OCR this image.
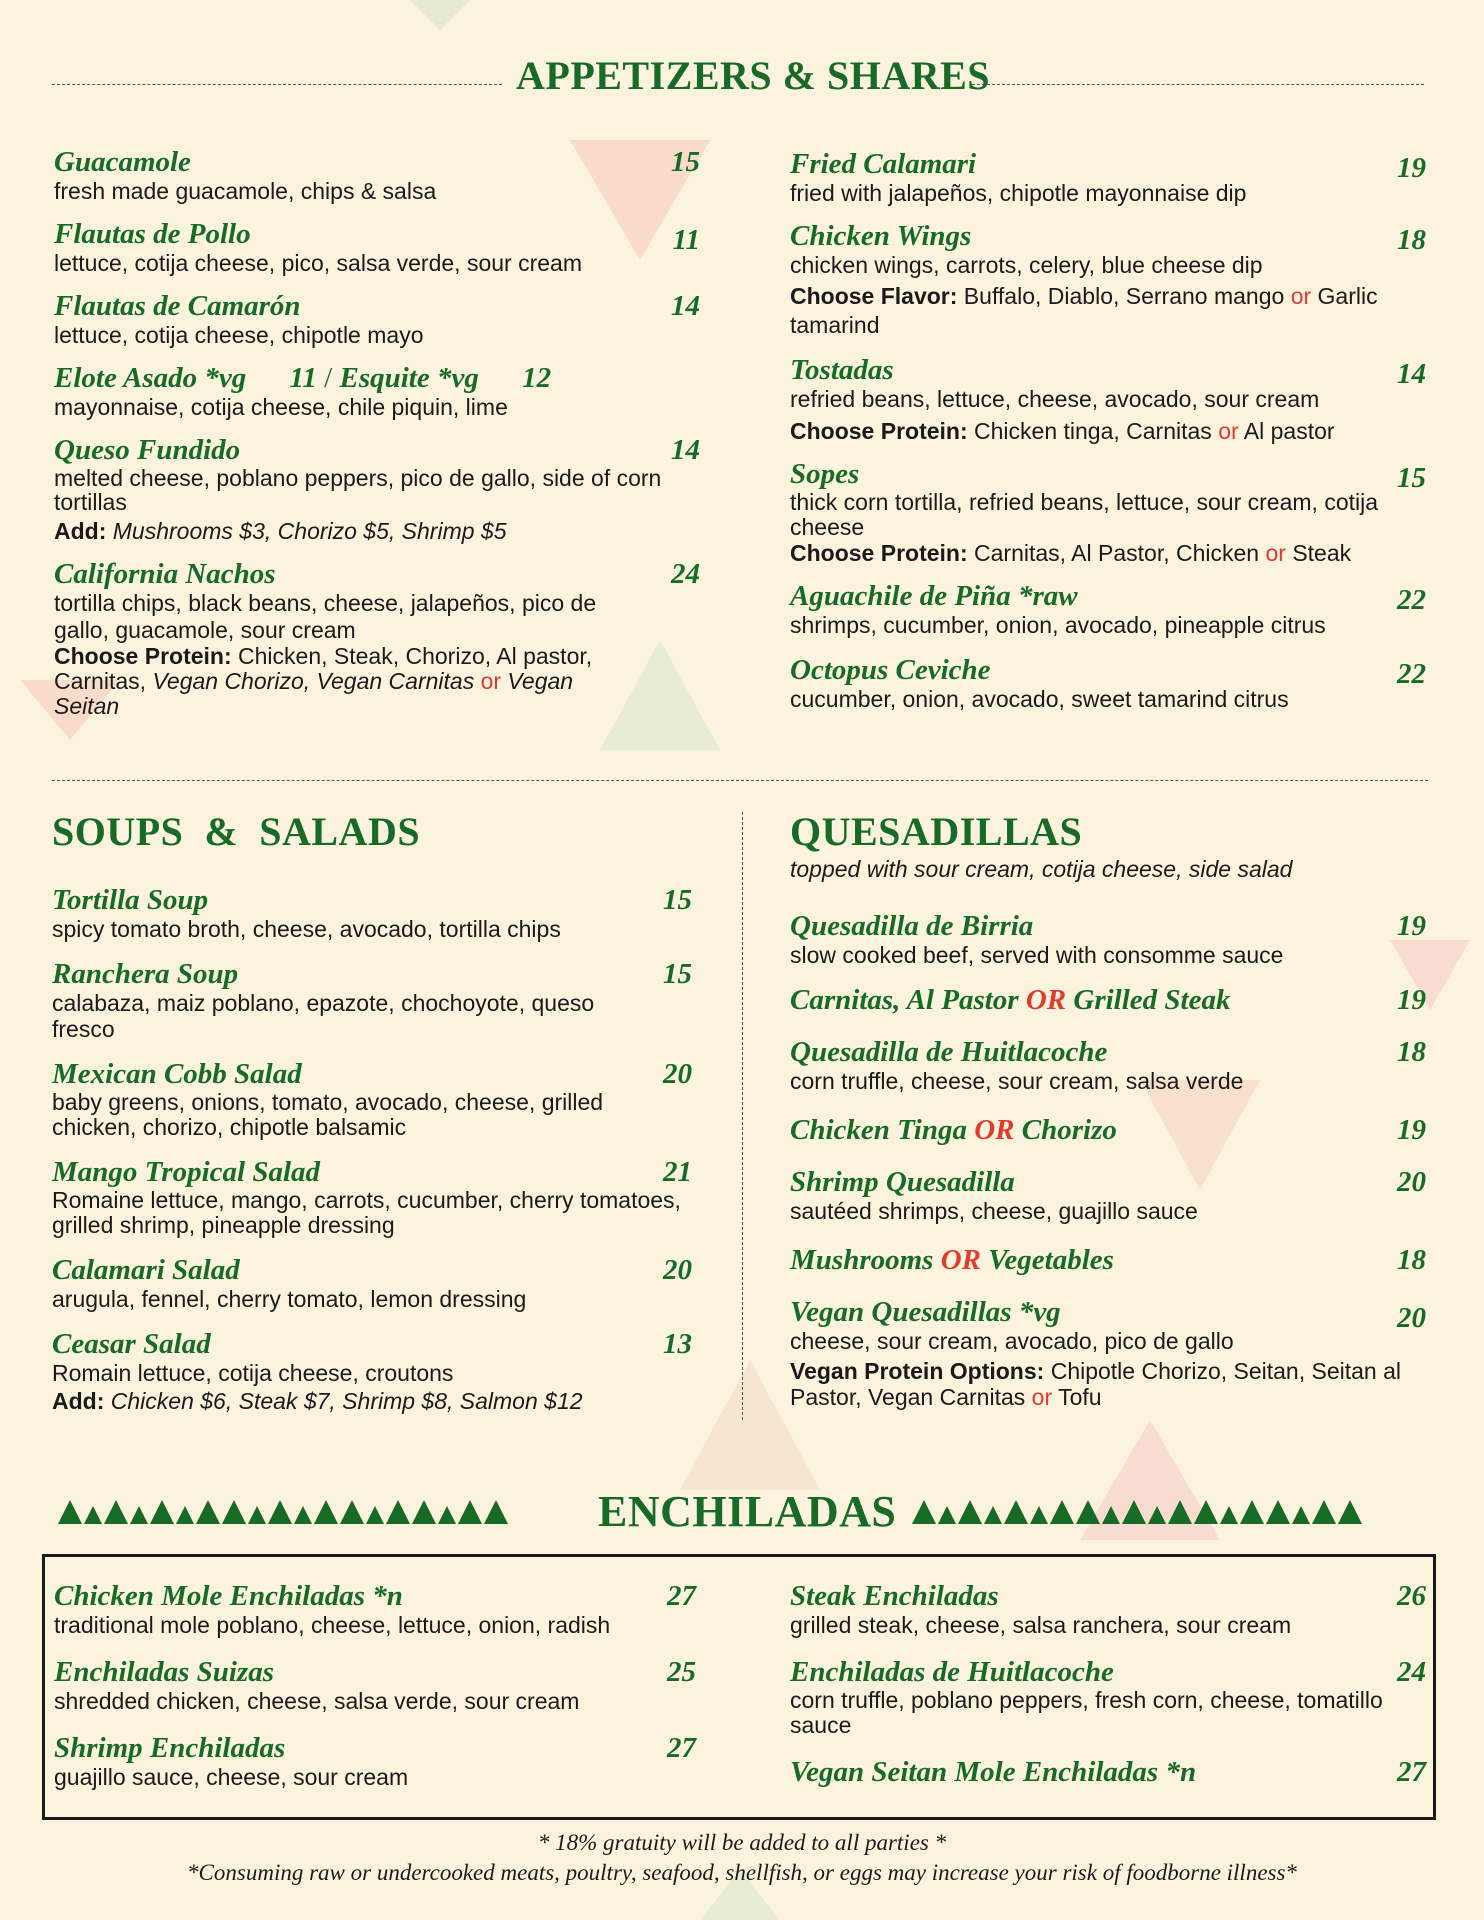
APPETIZERS & SHARES
Guacamole	15
fresh made guacamole, chips & salsa
Flautas de Pollo	11
lettuce, cotija cheese, pico, salsa verde, sour cream
Flautas de Camarón	14
lettuce, cotija cheese, chipotle mayo
Elote Asado *vg 11 / Esquite *vg 12
mayonnaise, cotija cheese, chile piquin, lime
Queso Fundido	14
melted cheese, poblano peppers, pico de gallo, side of corn tortillas
Add: Mushrooms $3, Chorizo $5, Shrimp $5
California Nachos	24
tortilla chips, black beans, cheese, jalapeños, pico de gallo, guacamole, sour cream
Choose Protein: Chicken, Steak, Chorizo, Al pastor, Carnitas, Vegan Chorizo, Vegan Carnitas or Vegan Seitan
Fried Calamari	19
fried with jalapeños, chipotle mayonnaise dip
Chicken Wings	18
chicken wings, carrots, celery, blue cheese dip
Choose Flavor: Buffalo, Diablo, Serrano mango or Garlic tamarind
Tostadas	14
refried beans, lettuce, cheese, avocado, sour cream
Choose Protein: Chicken tinga, Carnitas or Al pastor
Sopes	15
thick corn tortilla, refried beans, lettuce, sour cream, cotija cheese
Choose Protein: Carnitas, Al Pastor, Chicken or Steak
Aguachile de Piña *raw	22
shrimps, cucumber, onion, avocado, pineapple citrus
Octopus Ceviche	22
cucumber, onion, avocado, sweet tamarind citrus
SOUPS  &  SALADS
Tortilla Soup	15
spicy tomato broth, cheese, avocado, tortilla chips
Ranchera Soup	15
calabaza, maiz poblano, epazote, chochoyote, queso fresco
Mexican Cobb Salad	20
baby greens, onions, tomato, avocado, cheese, grilled chicken, chorizo, chipotle balsamic
Mango Tropical Salad	21
Romaine lettuce, mango, carrots, cucumber, cherry tomatoes, grilled shrimp, pineapple dressing
Calamari Salad	20
arugula, fennel, cherry tomato, lemon dressing
Ceasar Salad	13
Romain lettuce, cotija cheese, croutons
Add: Chicken $6, Steak $7, Shrimp $8, Salmon $12
QUESADILLAS
topped with sour cream, cotija cheese, side salad
Quesadilla de Birria	19
slow cooked beef, served with consomme sauce
Carnitas, Al Pastor OR Grilled Steak	19
Quesadilla de Huitlacoche	18
corn truffle, cheese, sour cream, salsa verde
Chicken Tinga OR Chorizo	19
Shrimp Quesadilla	20
sautéed shrimps, cheese, guajillo sauce
Mushrooms OR Vegetables	18
Vegan Quesadillas *vg	20
cheese, sour cream, avocado, pico de gallo
Vegan Protein Options: Chipotle Chorizo, Seitan, Seitan al Pastor, Vegan Carnitas or Tofu
ENCHILADAS
Chicken Mole Enchiladas *n	27
traditional mole poblano, cheese, lettuce, onion, radish
Enchiladas Suizas	25
shredded chicken, cheese, salsa verde, sour cream
Shrimp Enchiladas	27
guajillo sauce, cheese, sour cream
Steak Enchiladas	26
grilled steak, cheese, salsa ranchera, sour cream
Enchiladas de Huitlacoche	24
corn truffle, poblano peppers, fresh corn, cheese, tomatillo sauce
Vegan Seitan Mole Enchiladas *n	27
* 18% gratuity will be added to all parties *
*Consuming raw or undercooked meats, poultry, seafood, shellfish, or eggs may increase your risk of foodborne illness*
